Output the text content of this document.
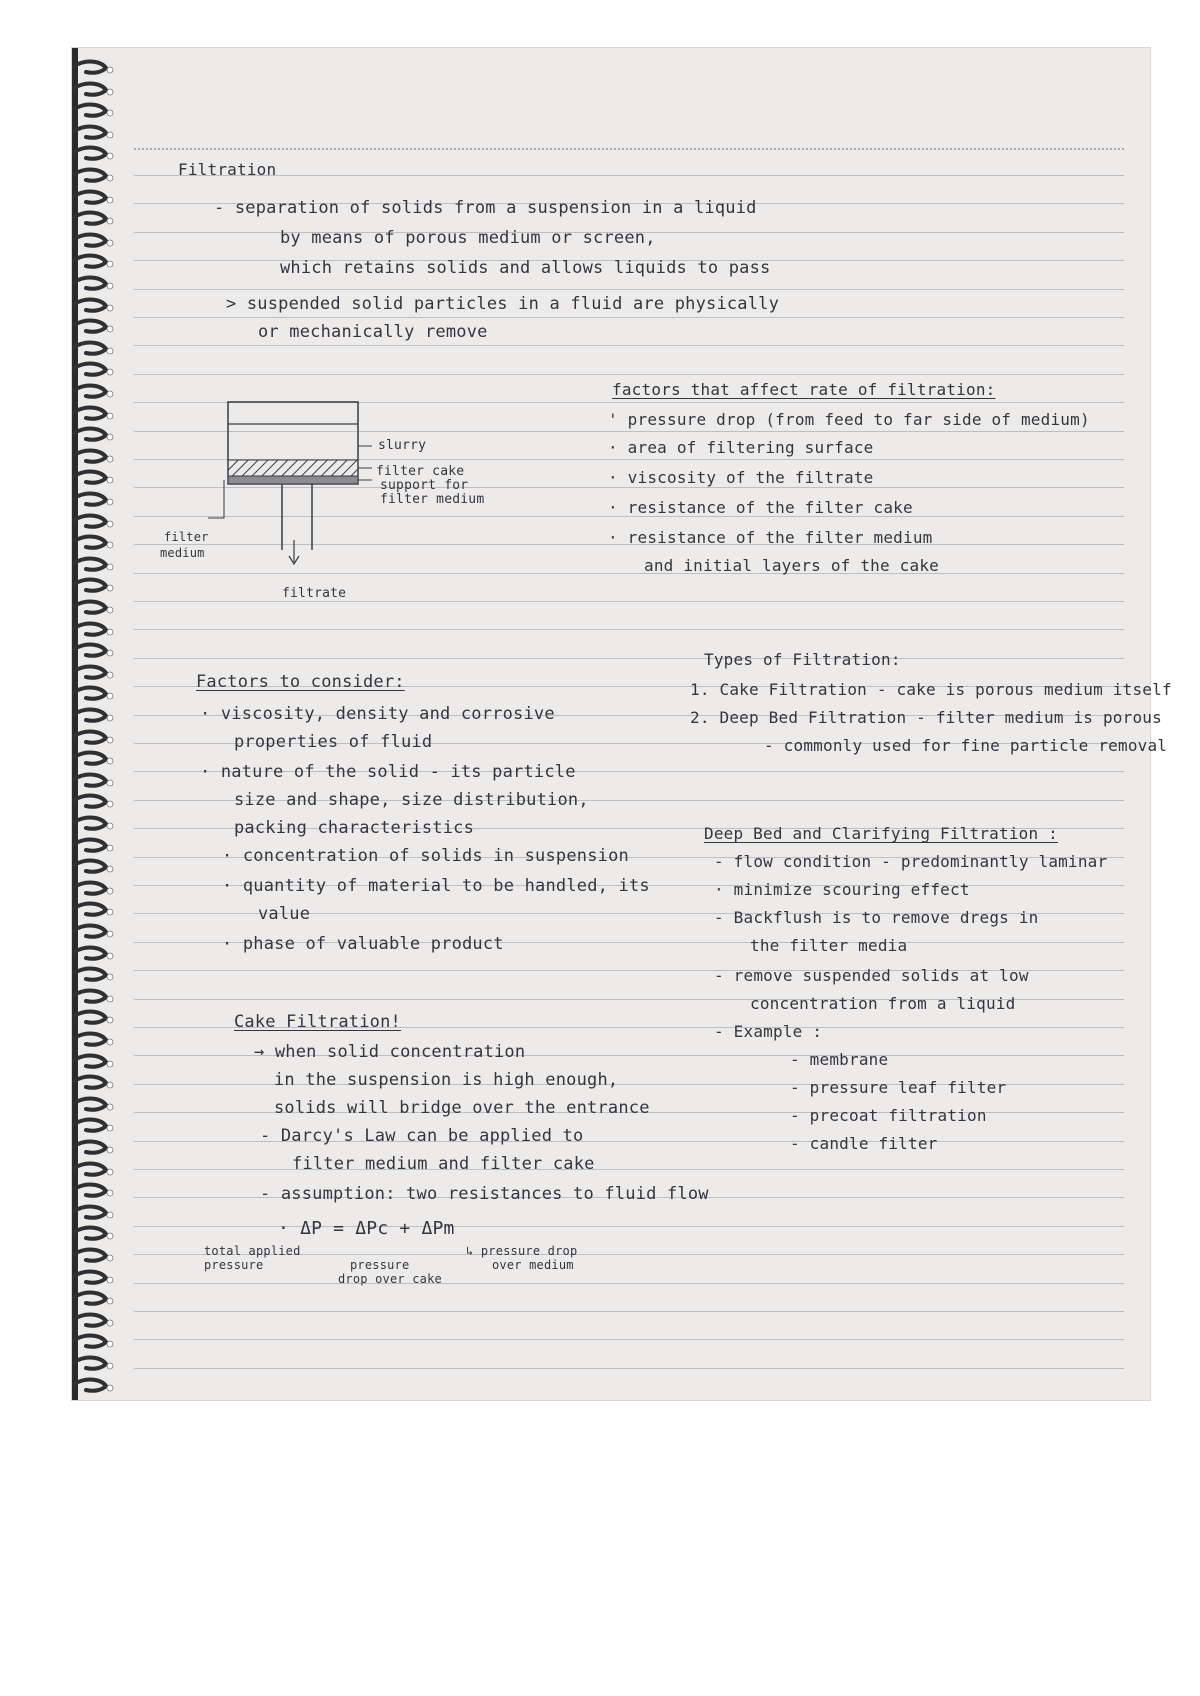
Filtration
- separation of solids from a suspension in a liquid
by means of porous medium or screen,
which retains solids and allows liquids to pass
> suspended solid particles in a fluid are physically
or mechanically remove
slurry
filter cake
support for
filter medium
filter
medium
filtrate
factors that affect rate of filtration:
' pressure drop (from feed to far side of medium)
· area of filtering surface
· viscosity of the filtrate
· resistance of the filter cake
· resistance of the filter medium
and initial layers of the cake
Factors to consider:
· viscosity, density and corrosive
properties of fluid
· nature of the solid - its particle
size and shape, size distribution,
packing characteristics
· concentration of solids in suspension
· quantity of material to be handled, its
value
· phase of valuable product
Types of Filtration:
1. Cake Filtration - cake is porous medium itself
2. Deep Bed Filtration - filter medium is porous
- commonly used for fine particle removal
Deep Bed and Clarifying Filtration :
- flow condition - predominantly laminar
· minimize scouring effect
- Backflush is to remove dregs in
the filter media
- remove suspended solids at low
concentration from a liquid
- Example :
- membrane
- pressure leaf filter
- precoat filtration
- candle filter
Cake Filtration!
→ when solid concentration
in the suspension is high enough,
solids will bridge over the entrance
- Darcy's Law can be applied to
filter medium and filter cake
- assumption: two resistances to fluid flow
· ΔP = ΔPc + ΔPm
total applied
pressure	pressure
drop over cake
↳ pressure drop
over medium
